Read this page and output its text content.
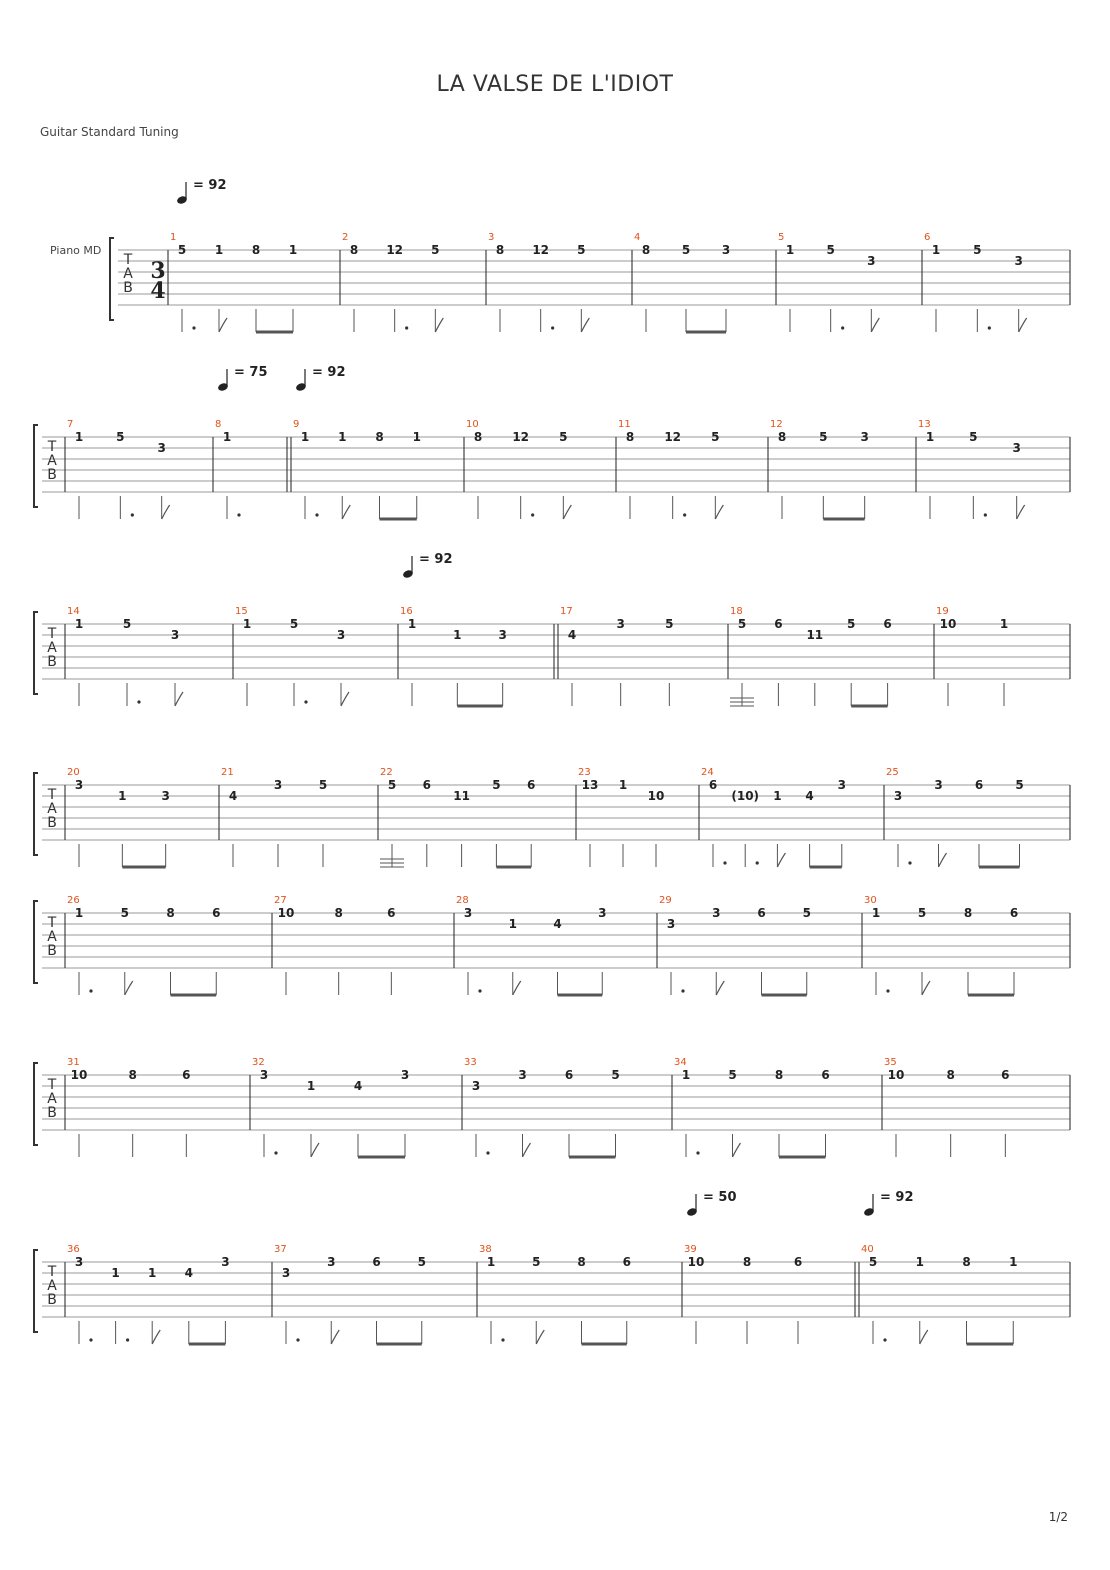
LA VALSE DE L'IDIOT
Guitar Standard Tuning
1/2
T
A
B
Piano MD
3
4
1
5 1 8 1
2
8 12 5
3
8 12 5
4
8	5	3
5
1	5
3
6
1	5
3
T
A
B
7
1	5
3
8
1
9
1 1 8 1
10
8	12	5
11
8	12	5
12
8	5	3
13
1	5
3
T
A
B
14
1	5
3
15
1	5
3
16
1
1	3
17
4
3	5
18
5 6
11
5 6
19
10	1
T
A
B
20
3
1	3
21
4
3	5
22
5 6
11
5 6
23
13 1
10
24
6
(10) 1 4
3
25
3
3	6	5
T
A
B
26
1	5	8	6
27
10	8	6
28
3
1	4
3
29
3
3	6	5
30
1	5	8	6
T
A
B
31
10	8	6
32
3
1	4
3
33
3
3	6	5
34
1	5	8	6
35
10	8	6
T
A
B
36
3
1 1 4
3
37
3
3	6	5
38
1	5	8	6
39
10	8	6
40
5	1	8	1
= 92
= 75	= 92
= 92
= 50	= 92
